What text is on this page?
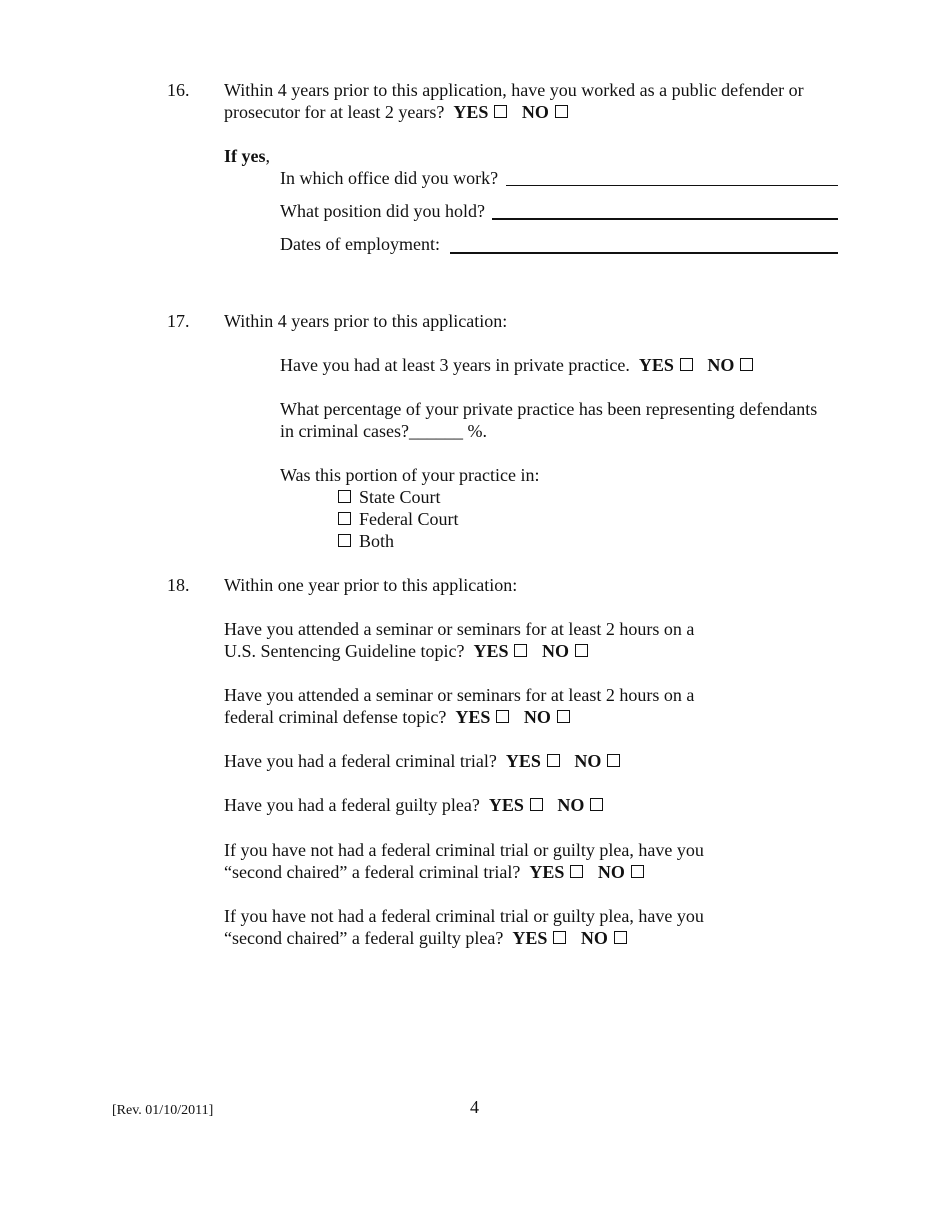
16. Within 4 years prior to this application, have you worked as a public defender or
prosecutor for at least 2 years? YES NO
If yes,
In which office did you work?
What position did you hold?
Dates of employment:
17. Within 4 years prior to this application:
Have you had at least 3 years in private practice. YES NO
What percentage of your private practice has been representing defendants
in criminal cases?______ %.
Was this portion of your practice in:
State Court
Federal Court
Both
18. Within one year prior to this application:
Have you attended a seminar or seminars for at least 2 hours on a
U.S. Sentencing Guideline topic? YES NO
Have you attended a seminar or seminars for at least 2 hours on a
federal criminal defense topic? YES NO
Have you had a federal criminal trial? YES NO
Have you had a federal guilty plea? YES NO
If you have not had a federal criminal trial or guilty plea, have you
“second chaired” a federal criminal trial? YES NO
If you have not had a federal criminal trial or guilty plea, have you
“second chaired” a federal guilty plea? YES NO
[Rev. 01/10/2011]	4
